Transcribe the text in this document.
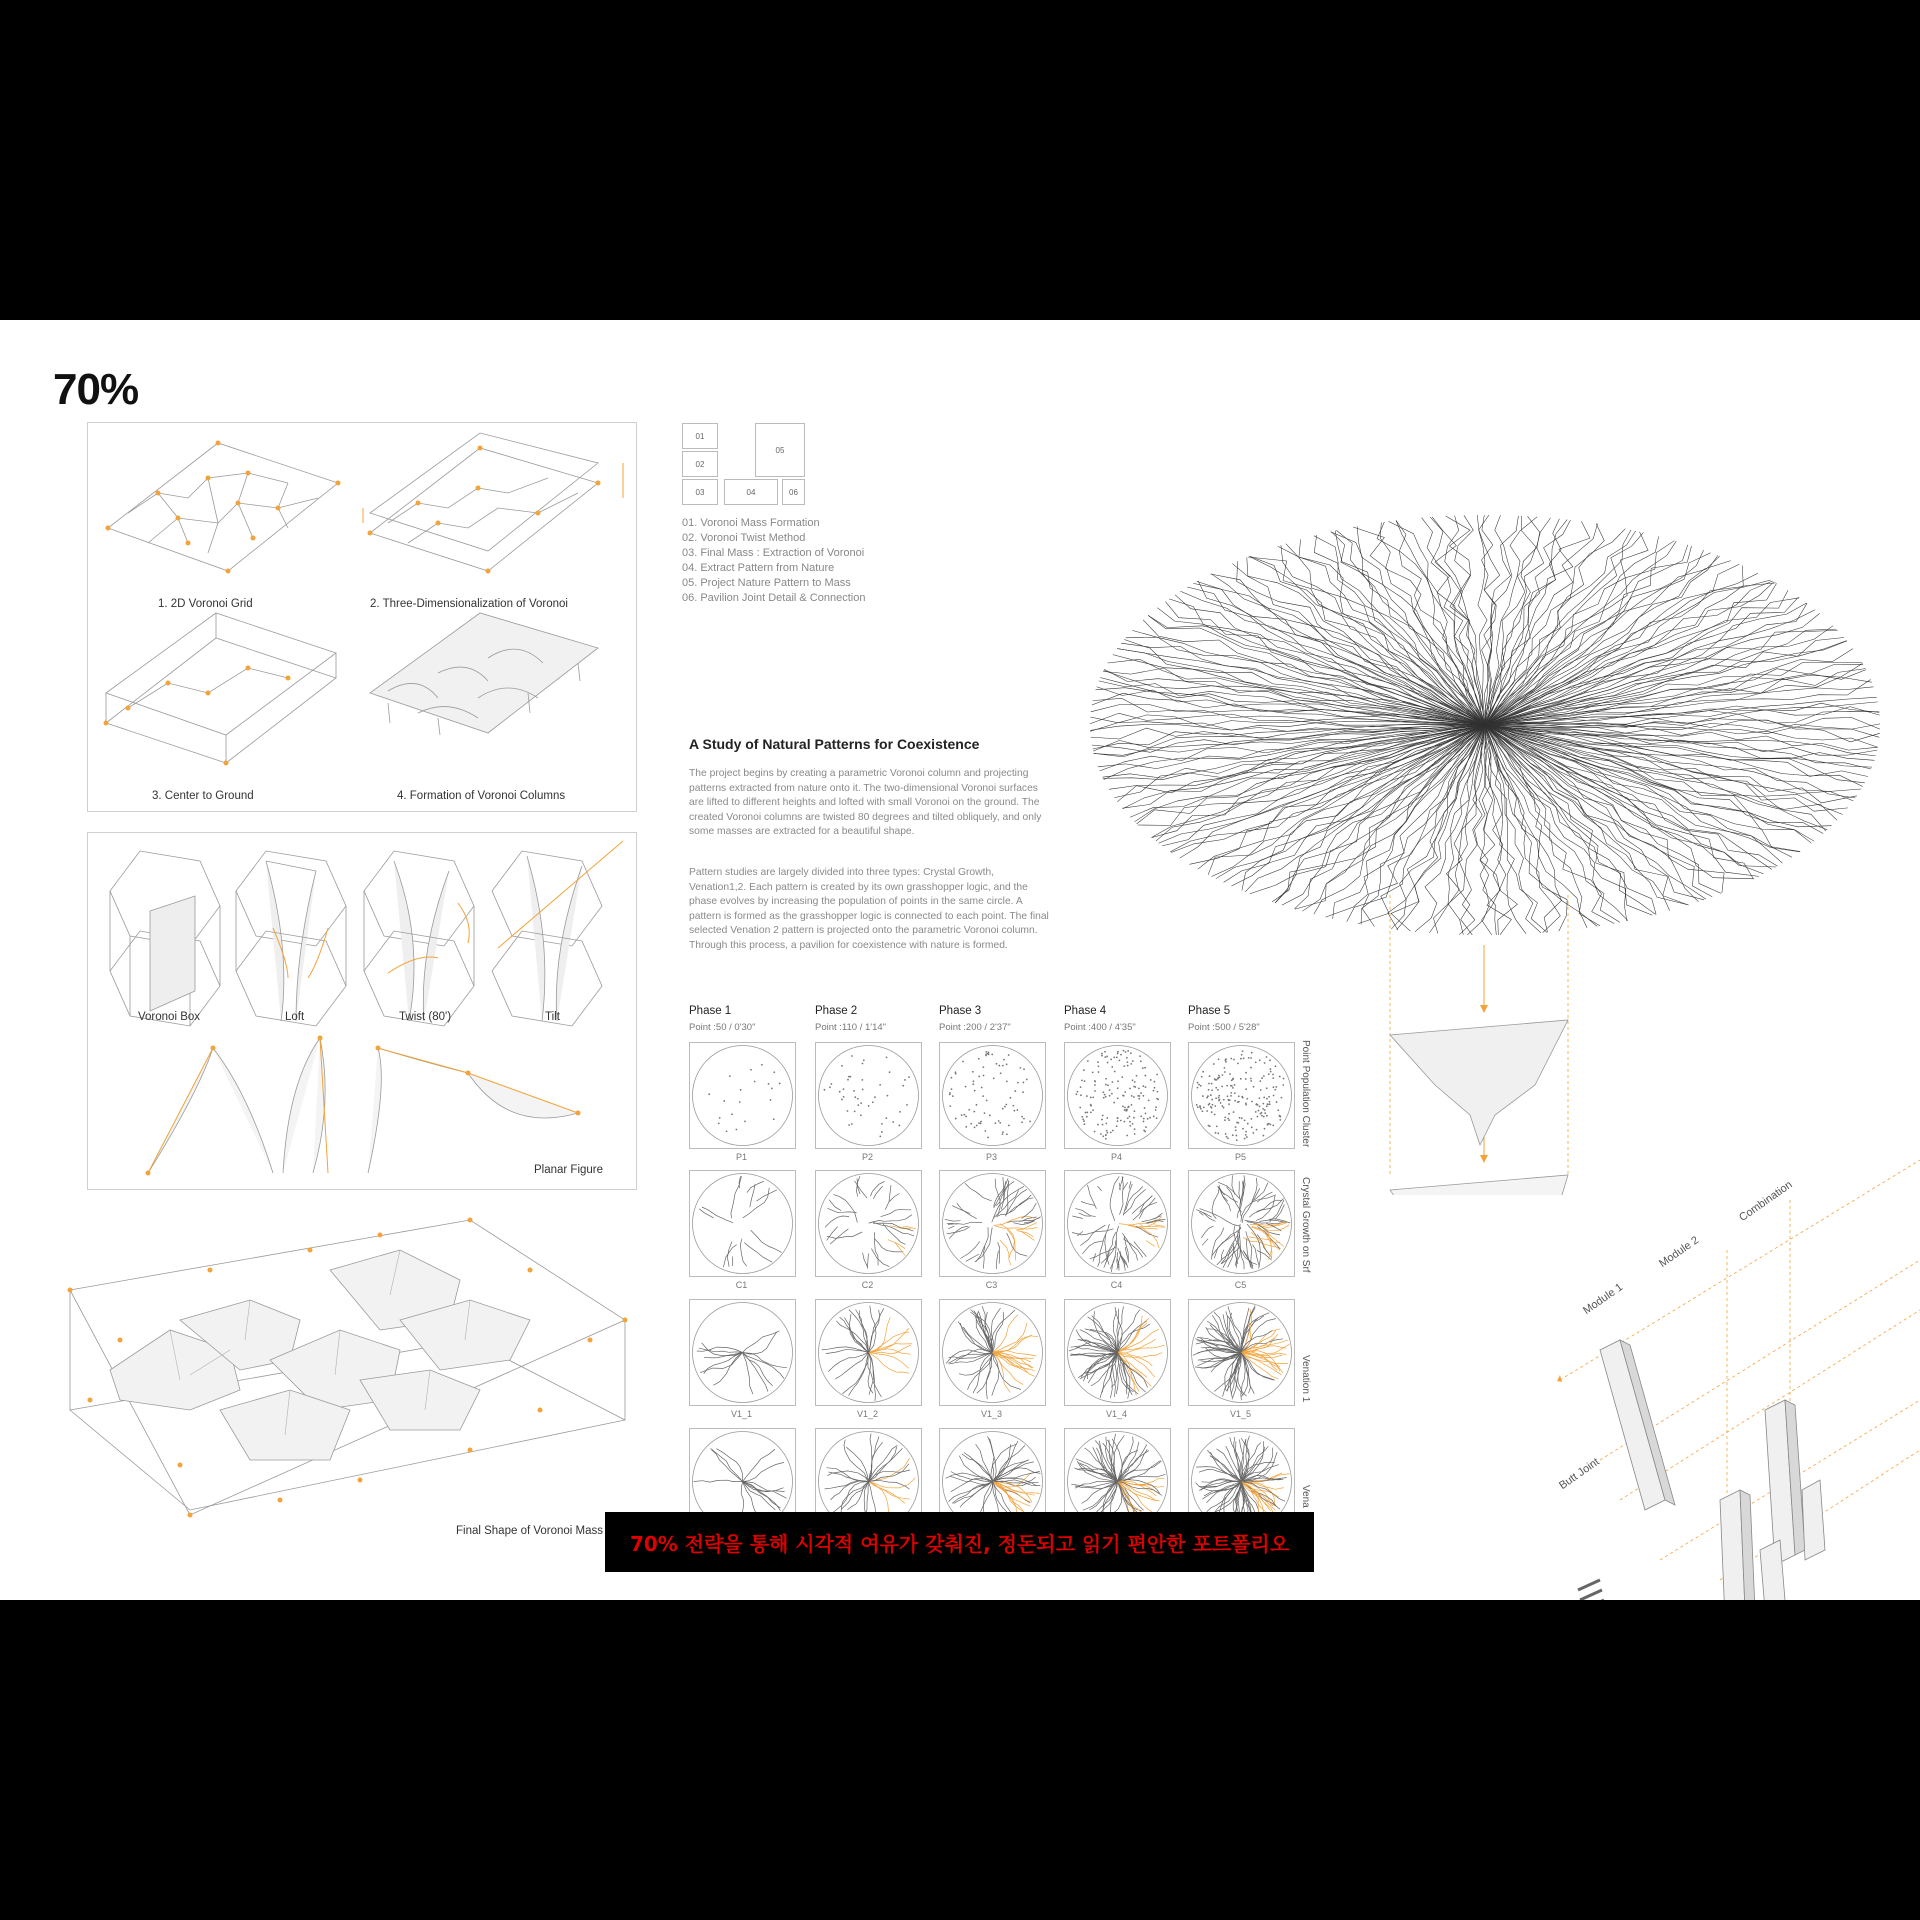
70%
1. 2D Voronoi Grid	2. Three-Dimensionalization of Voronoi
3. Center to Ground	4. Formation of Voronoi Columns
Voronoi Box	Loft	Twist (80')	Tilt
Planar Figure
Final Shape of Voronoi Mass
01
02
03	04
05
06
01. Voronoi Mass Formation
02. Voronoi Twist Method
03. Final Mass : Extraction of Voronoi
04. Extract Pattern from Nature
05. Project Nature Pattern to Mass
06. Pavilion Joint Detail & Connection
A Study of Natural Patterns for Coexistence
The project begins by creating a parametric Voronoi column and projecting patterns extracted from nature onto it. The two-dimensional Voronoi surfaces are lifted to different heights and lofted with small Voronoi on the ground. The created Voronoi columns are twisted 80 degrees and tilted obliquely, and only some masses are extracted for a beautiful shape.
Pattern studies are largely divided into three types: Crystal Growth, Venation1,2. Each pattern is created by its own grasshopper logic, and the phase evolves by increasing the population of points in the same circle. A pattern is formed as the grasshopper logic is connected to each point. The final selected Venation 2 pattern is projected onto the parametric Voronoi column. Through this process, a pavilion for coexistence with nature is formed.
Phase 1
Point :50 / 0'30"
Phase 2
Point :110 / 1'14"
Phase 3
Point :200 / 2'37"
Phase 4
Point :400 / 4'35"
Phase 5
Point :500 / 5'28"
P1	P2	P3	P4	P5
C1	C2	C3	C4	C5
V1_1	V1_2	V1_3	V1_4	V1_5
Point Population Cluster
Crystal Growth on Srf
Venation 1
Vena
Module 1
Module 2
Combination
Butt Joint
70% 전략을 통해 시각적 여유가 갖춰진, 정돈되고 읽기 편안한 포트폴리오
